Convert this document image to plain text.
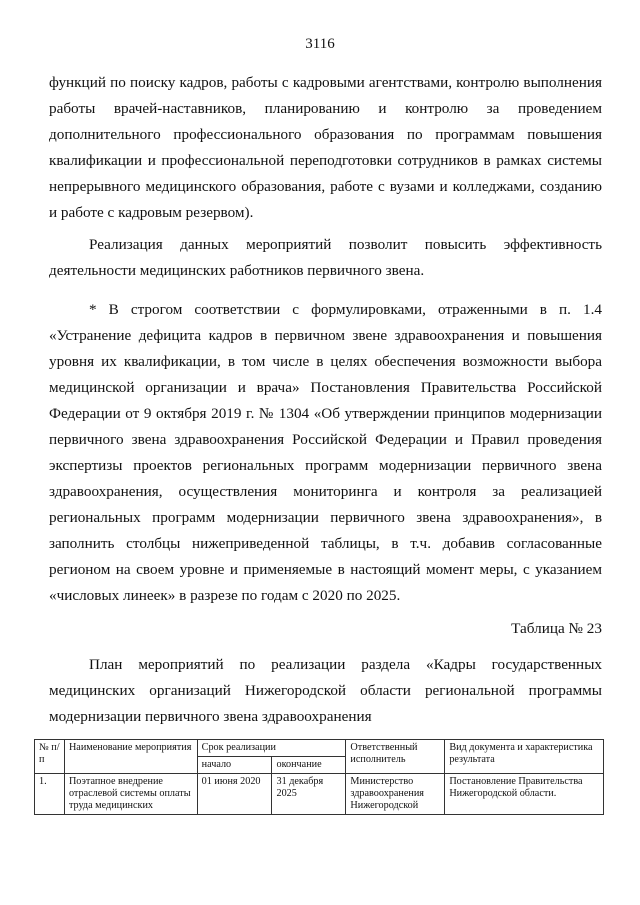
3116
функций по поиску кадров, работы с кадровыми агентствами, контролю выполнения работы врачей-наставников, планированию и контролю за проведением дополнительного профессионального образования по программам повышения квалификации и профессиональной переподготовки сотрудников в рамках системы непрерывного медицинского образования, работе с вузами и колледжами, созданию и работе с кадровым резервом).
Реализация данных мероприятий позволит повысить эффективность деятельности медицинских работников первичного звена.
* В строгом соответствии с формулировками, отраженными в п. 1.4 «Устранение дефицита кадров в первичном звене здравоохранения и повышения уровня их квалификации, в том числе в целях обеспечения возможности выбора медицинской организации и врача» Постановления Правительства Российской Федерации от 9 октября 2019 г. № 1304 «Об утверждении принципов модернизации первичного звена здравоохранения Российской Федерации и Правил проведения экспертизы проектов региональных программ модернизации первичного звена здравоохранения, осуществления мониторинга и контроля за реализацией региональных программ модернизации первичного звена здравоохранения», в заполнить столбцы нижеприведенной таблицы, в т.ч. добавив согласованные регионом на своем уровне и применяемые в настоящий момент меры, с указанием «числовых линеек» в разрезе по годам с 2020 по 2025.
Таблица № 23
План мероприятий по реализации раздела «Кадры государственных медицинских организаций Нижегородской области региональной программы модернизации первичного звена здравоохранения
№ п/п	Наименование мероприятия	Срок реализации		Ответственный исполнитель	Вид документа и характеристика результата
		начало	окончание		
1.	Поэтапное внедрение отраслевой системы оплаты труда медицинских	01 июня 2020	31 декабря 2025	Министерство здравоохранения Нижегородской	Постановление Правительства Нижегородской области.
